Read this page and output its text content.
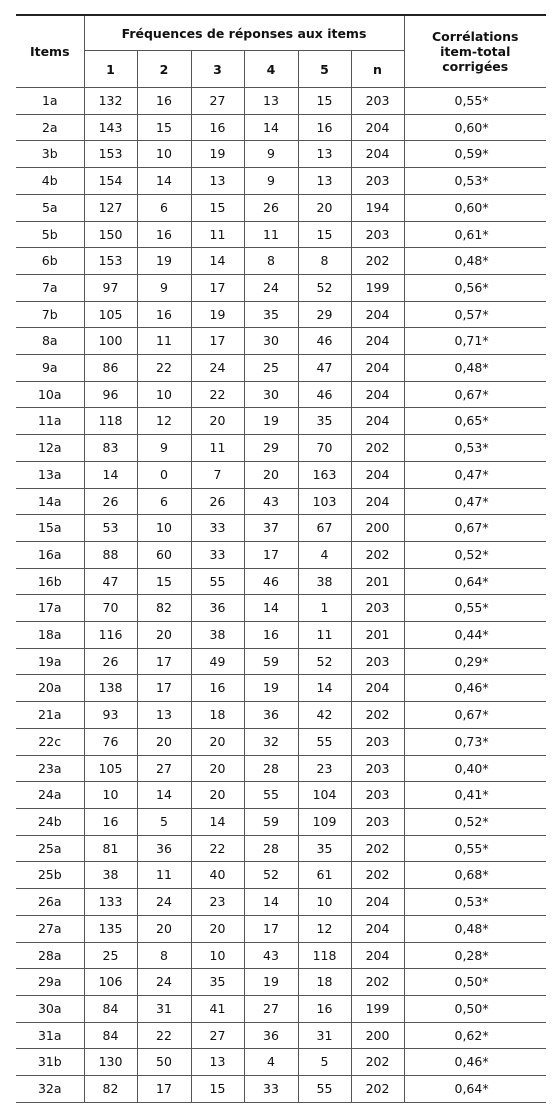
Items	Fréquences de réponses aux items						Corrélations
item-total
corrigées

	1	2	3	4	5	n	
1a	132	16	27	13	15	203	0,55*
2a	143	15	16	14	16	204	0,60*
3b	153	10	19	9	13	204	0,59*
4b	154	14	13	9	13	203	0,53*
5a	127	6	15	26	20	194	0,60*
5b	150	16	11	11	15	203	0,61*
6b	153	19	14	8	8	202	0,48*
7a	97	9	17	24	52	199	0,56*
7b	105	16	19	35	29	204	0,57*
8a	100	11	17	30	46	204	0,71*
9a	86	22	24	25	47	204	0,48*
10a	96	10	22	30	46	204	0,67*
11a	118	12	20	19	35	204	0,65*
12a	83	9	11	29	70	202	0,53*
13a	14	0	7	20	163	204	0,47*
14a	26	6	26	43	103	204	0,47*
15a	53	10	33	37	67	200	0,67*
16a	88	60	33	17	4	202	0,52*
16b	47	15	55	46	38	201	0,64*
17a	70	82	36	14	1	203	0,55*
18a	116	20	38	16	11	201	0,44*
19a	26	17	49	59	52	203	0,29*
20a	138	17	16	19	14	204	0,46*
21a	93	13	18	36	42	202	0,67*
22c	76	20	20	32	55	203	0,73*
23a	105	27	20	28	23	203	0,40*
24a	10	14	20	55	104	203	0,41*
24b	16	5	14	59	109	203	0,52*
25a	81	36	22	28	35	202	0,55*
25b	38	11	40	52	61	202	0,68*
26a	133	24	23	14	10	204	0,53*
27a	135	20	20	17	12	204	0,48*
28a	25	8	10	43	118	204	0,28*
29a	106	24	35	19	18	202	0,50*
30a	84	31	41	27	16	199	0,50*
31a	84	22	27	36	31	200	0,62*
31b	130	50	13	4	5	202	0,46*
32a	82	17	15	33	55	202	0,64*
